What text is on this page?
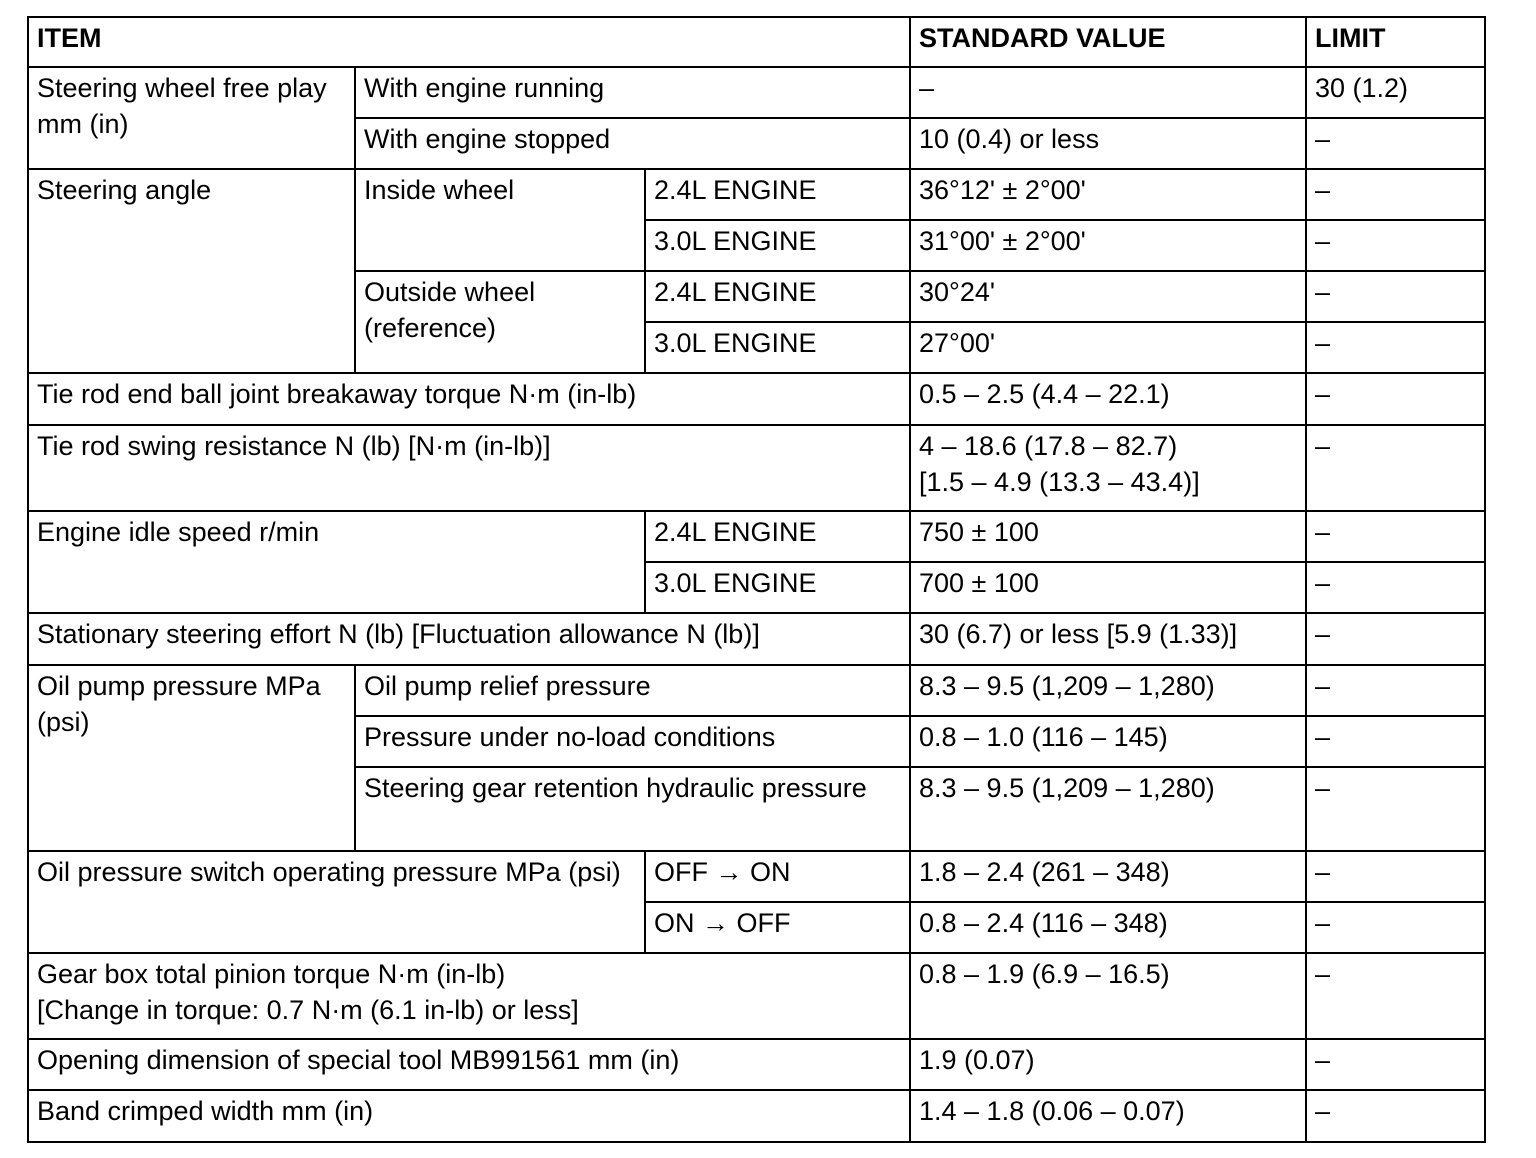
ITEM			STANDARD VALUE	LIMIT
Steering wheel free play mm (in)	With engine running		–	30 (1.2)
	With engine stopped		10 (0.4) or less	–
Steering angle	Inside wheel	2.4L ENGINE	36°12' ± 2°00'	–
		3.0L ENGINE	31°00' ± 2°00'	–
	Outside wheel (reference)	2.4L ENGINE	30°24'	–
		3.0L ENGINE	27°00'	–
Tie rod end ball joint breakaway torque N·m (in-lb)			0.5 – 2.5 (4.4 – 22.1)	–
Tie rod swing resistance N (lb) [N·m (in-lb)]			4 – 18.6 (17.8 – 82.7)
[1.5 – 4.9 (13.3 – 43.4)]	–
Engine idle speed r/min		2.4L ENGINE	750 ± 100	–
		3.0L ENGINE	700 ± 100	–
Stationary steering effort N (lb) [Fluctuation allowance N (lb)]			30 (6.7) or less [5.9 (1.33)]	–
Oil pump pressure MPa (psi)	Oil pump relief pressure		8.3 – 9.5 (1,209 – 1,280)	–
	Pressure under no-load conditions		0.8 – 1.0 (116 – 145)	–
	Steering gear retention hydraulic pressure		8.3 – 9.5 (1,209 – 1,280)	–
Oil pressure switch operating pressure MPa (psi)		OFF → ON	1.8 – 2.4 (261 – 348)	–
		ON → OFF	0.8 – 2.4 (116 – 348)	–

Gear box total pinion torque N·m (in-lb)
[Change in torque: 0.7 N·m (6.1 in-lb) or less]			0.8 – 1.9 (6.9 – 16.5)	–
Opening dimension of special tool MB991561 mm (in)			1.9 (0.07)	–
Band crimped width mm (in)			1.4 – 1.8 (0.06 – 0.07)	–
